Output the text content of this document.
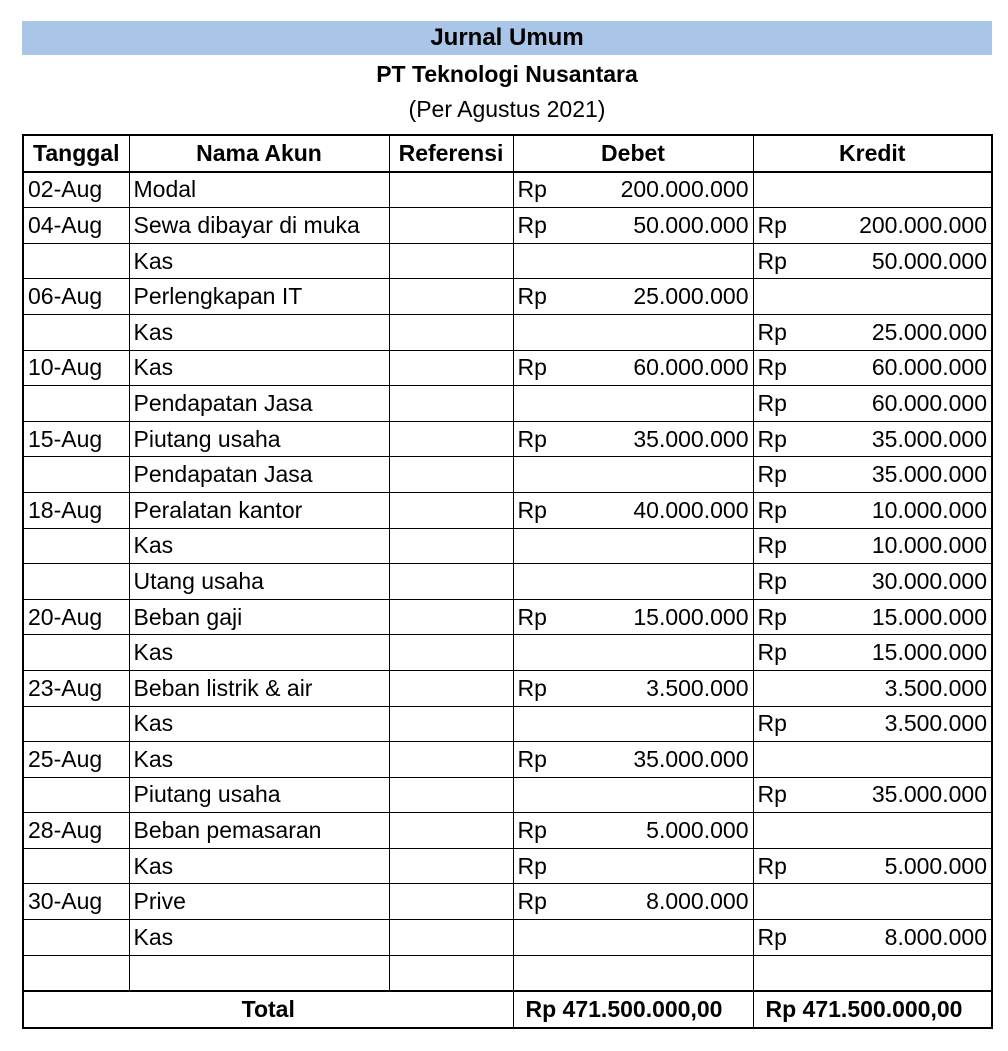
Jurnal Umum
PT Teknologi Nusantara
(Per Agustus 2021)
Tanggal	Nama Akun	Referensi	Debet	Kredit
02-Aug	Modal		Rp 200.000.000	

04-Aug	Sewa dibayar di muka		Rp 50.000.000	Rp 200.000.000

	Kas			Rp 50.000.000

06-Aug	Perlengkapan IT		Rp 25.000.000	

	Kas			Rp 25.000.000

10-Aug	Kas		Rp 60.000.000	Rp 60.000.000

	Pendapatan Jasa			Rp 60.000.000

15-Aug	Piutang usaha		Rp 35.000.000	Rp 35.000.000

	Pendapatan Jasa			Rp 35.000.000

18-Aug	Peralatan kantor		Rp 40.000.000	Rp 10.000.000

	Kas			Rp 10.000.000

	Utang usaha			Rp 30.000.000

20-Aug	Beban gaji		Rp 15.000.000	Rp 15.000.000

	Kas			Rp 15.000.000

23-Aug	Beban listrik & air		Rp 3.500.000	3.500.000

	Kas			Rp 3.500.000

25-Aug	Kas		Rp 35.000.000	

	Piutang usaha			Rp 35.000.000

28-Aug	Beban pemasaran		Rp 5.000.000	

	Kas		Rp	Rp 5.000.000

30-Aug	Prive		Rp 8.000.000	

	Kas			Rp 8.000.000

Total			Rp 471.500.000,00	Rp 471.500.000,00
